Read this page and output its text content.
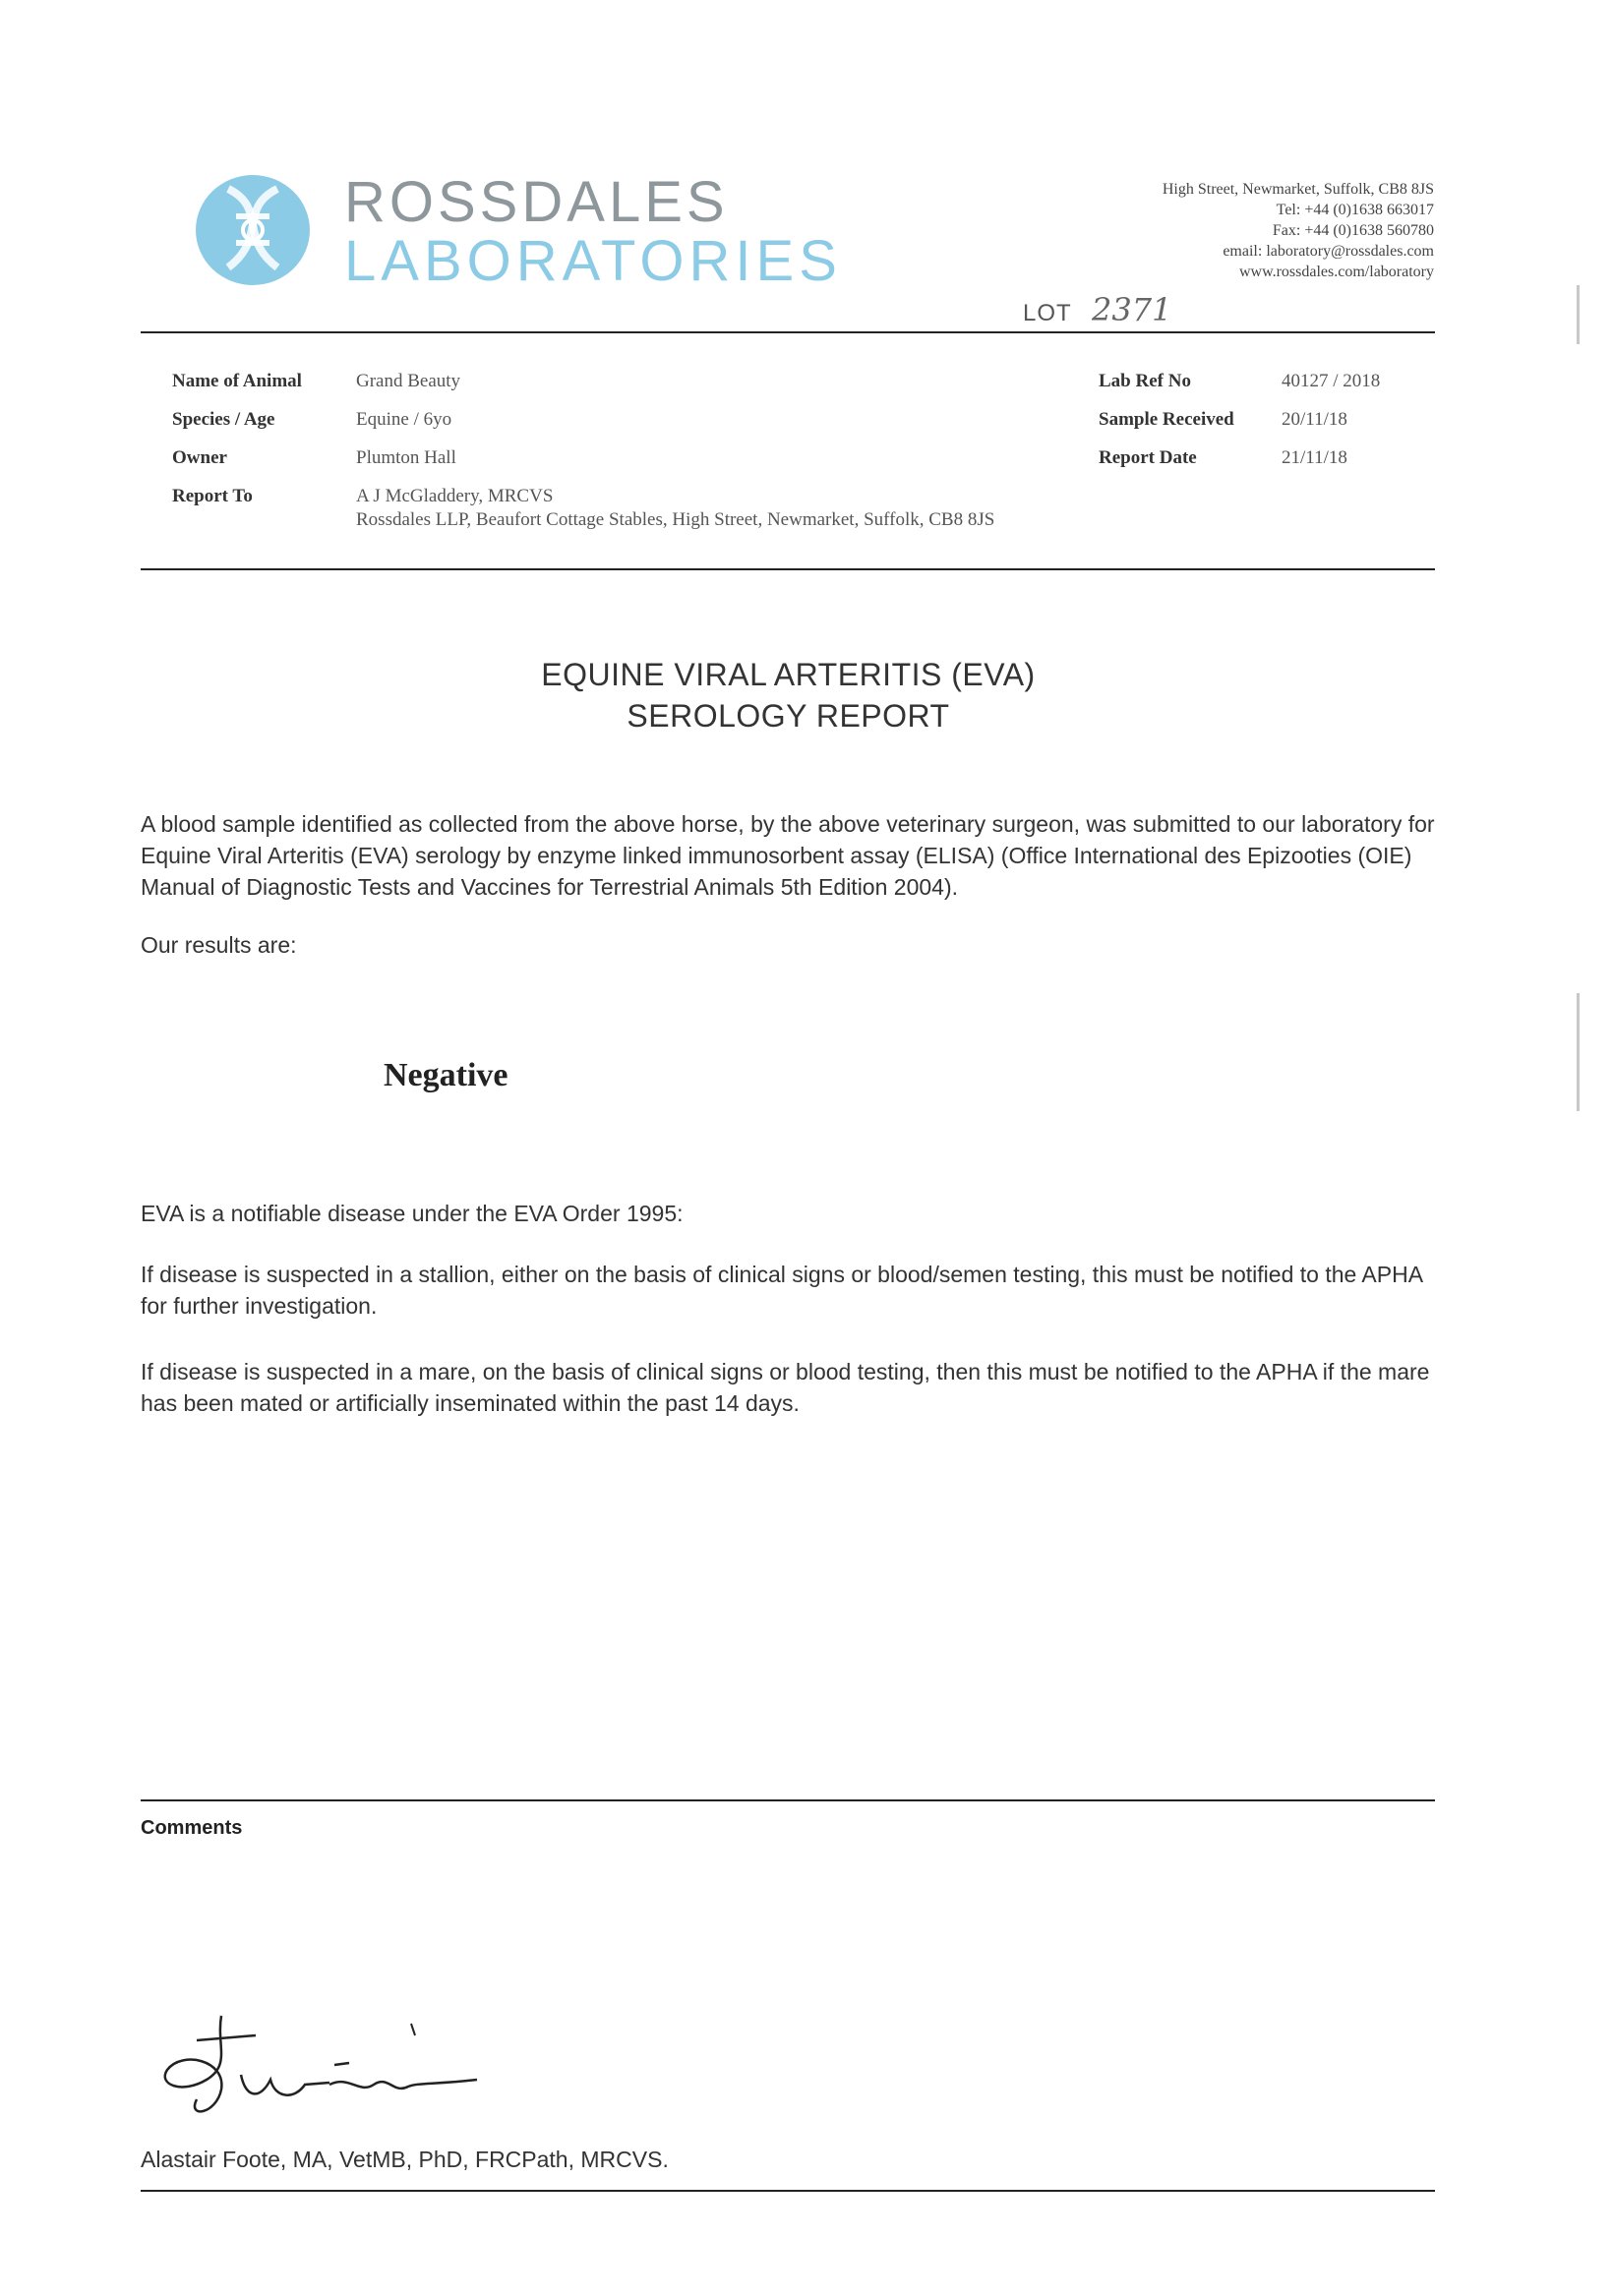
ROSSDALES
LABORATORIES
High Street, Newmarket, Suffolk, CB8 8JS
Tel: +44 (0)1638 663017
Fax: +44 (0)1638 560780
email: laboratory@rossdales.com
www.rossdales.com/laboratory
LOT 2371
Name of Animal	Grand Beauty
Species / Age	Equine / 6yo
Owner	Plumton Hall
Report To	A J McGladdery, MRCVS
Rossdales LLP, Beaufort Cottage Stables, High Street, Newmarket, Suffolk, CB8 8JS
Lab Ref No	40127 / 2018
Sample Received	20/11/18
Report Date	21/11/18
EQUINE VIRAL ARTERITIS (EVA)
SEROLOGY REPORT

A blood sample identified as collected from the above horse, by the above veterinary surgeon, was submitted to our laboratory for Equine Viral Arteritis (EVA) serology by enzyme linked immunosorbent assay (ELISA) (Office International des Epizooties (OIE) Manual of Diagnostic Tests and Vaccines for Terrestrial Animals 5th Edition 2004).

Our results are:

Negative

EVA is a notifiable disease under the EVA Order 1995:

If disease is suspected in a stallion, either on the basis of clinical signs or blood/semen testing, this must be notified to the APHA for further investigation.

If disease is suspected in a mare, on the basis of clinical signs or blood testing, then this must be notified to the APHA if the mare has been mated or artificially inseminated within the past 14 days.

Comments
Alastair Foote, MA, VetMB, PhD, FRCPath, MRCVS.
